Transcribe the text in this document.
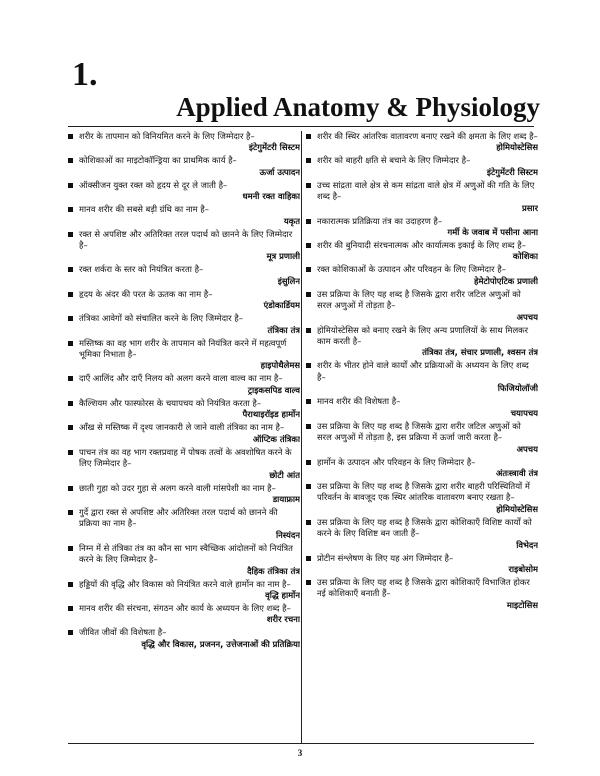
1.
Applied Anatomy & Physiology
शरीर के तापमान को विनियमित करने के लिए जिम्मेदार है–
इंटेगुमेंटरी सिस्टम
कोशिकाओं का माइटोकॉन्ड्रिया का प्राथमिक कार्य है–
ऊर्जा उत्पादन
ऑक्सीजन युक्त रक्त को हृदय से दूर ले जाती है–
धमनी रक्त वाहिका
मानव शरीर की सबसे बड़ी ग्रंथि का नाम है–
यकृत
रक्त से अपशिष्ट और अतिरिक्त तरल पदार्थ को छानने के लिए जिम्मेदार है–
मूत्र प्रणाली
रक्त शर्करा के स्तर को नियंत्रित करता है–
इंसुलिन
हृदय के अंदर की परत के ऊतक का नाम है–
एंडोकार्डियम
तंत्रिका आवेगों को संचालित करने के लिए जिम्मेदार है–
तंत्रिका तंत्र
मस्तिष्क का वह भाग शरीर के तापमान को नियंत्रित करने में महत्वपूर्ण भूमिका निभाता है–
हाइपोथैलेमस
दाएँ आलिंद और दाएँ निलय को अलग करने वाला वाल्व का नाम है–
ट्राइकसपिड वाल्व
कैल्शियम और फास्फोरस के चयापचय को नियंत्रित करता है–
पैराथाइरॉइड हार्मोन
आँख से मस्तिष्क में दृश्य जानकारी ले जाने वाली तंत्रिका का नाम है–
ऑप्टिक तंत्रिका
पाचन तंत्र का वह भाग रक्तप्रवाह में पोषक तत्वों के अवशोषित करने के लिए जिम्मेदार है–
छोटी आंत
छाती गुहा को उदर गुहा से अलग करने वाली मांसपेशी का नाम है–
डायाफ्राम
गुर्दे द्वारा रक्त से अपशिष्ट और अतिरिक्त तरल पदार्थ को छानने की प्रक्रिया का नाम है–
निस्यंदन
निम्न में से तंत्रिका तंत्र का कौन सा भाग स्वैच्छिक आंदोलनों को नियंत्रित करने के लिए जिम्मेदार है–
दैहिक तंत्रिका तंत्र
हड्डियों की वृद्धि और विकास को नियंत्रित करने वाले हार्मोन का नाम है–
वृद्धि हार्मोन
मानव शरीर की संरचना, संगठन और कार्य के अध्ययन के लिए शब्द है–
शरीर रचना
जीवित जीवों की विशेषता है–
वृद्धि और विकास, प्रजनन, उत्तेजनाओं की प्रतिक्रिया
शरीर की स्थिर आंतरिक वातावरण बनाए रखने की क्षमता के लिए शब्द है–
होमियोस्टेसिस
शरीर को बाहरी क्षति से बचाने के लिए जिम्मेदार है–
इंटेगुमेंटरी सिस्टम
उच्च सांद्रता वाले क्षेत्र से कम सांद्रता वाले क्षेत्र में अणुओं की गति के लिए शब्द है–
प्रसार
नकारात्मक प्रतिक्रिया तंत्र का उदाहरण है–
गर्मी के जवाब में पसीना आना
शरीर की बुनियादी संरचनात्मक और कार्यात्मक इकाई के लिए शब्द है–
कोशिका
रक्त कोशिकाओं के उत्पादन और परिवहन के लिए जिम्मेदार है–
हेमेटोपोएटिक प्रणाली
उस प्रक्रिया के लिए यह शब्द है जिसके द्वारा शरीर जटिल अणुओं को सरल अणुओं में तोड़ता है–
अपचय
होमियोस्टेसिस को बनाए रखने के लिए अन्य प्रणालियों के साथ मिलकर काम करती है–
तंत्रिका तंत्र, संचार प्रणाली, श्वसन तंत्र
शरीर के भीतर होने वाले कार्यों और प्रक्रियाओं के अध्ययन के लिए शब्द है–
फिजियोलॉजी
मानव शरीर की विशेषता है–
चयापचय
उस प्रक्रिया के लिए यह शब्द है जिसके द्वारा शरीर जटिल अणुओं को सरल अणुओं में तोड़ता है, इस प्रक्रिया में ऊर्जा जारी करता है–
अपचय
हार्मोन के उत्पादन और परिवहन के लिए जिम्मेदार है–
अंतःस्त्रावी तंत्र
उस प्रक्रिया के लिए यह शब्द है जिसके द्वारा शरीर बाहरी परिस्थितियों में परिवर्तन के बावजूद एक स्थिर आंतरिक वातावरण बनाए रखता है–
होमियोस्टेसिस
उस प्रक्रिया के लिए यह शब्द है जिसके द्वारा कोशिकाएँ विशिष्ट कार्यों को करने के लिए विशिष्ट बन जाती हैं–
विभेदन
प्रोटीन संश्लेषण के लिए यह अंग जिम्मेदार है–
राइबोसोम
उस प्रक्रिया के लिए यह शब्द है जिसके द्वारा कोशिकाएँ विभाजित होकर नई कोशिकाएँ बनाती हैं–
माइटोसिस
3
